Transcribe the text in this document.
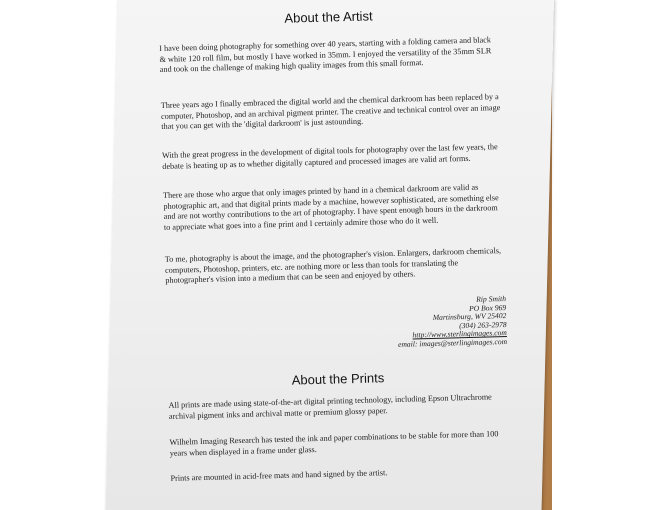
About the Artist

I have been doing photography for something over 40 years, starting with a folding camera and black & white 120 roll film, but mostly I have worked in 35mm. I enjoyed the versatility of the 35mm SLR and took on the challenge of making high quality images from this small format.

Three years ago I finally embraced the digital world and the chemical darkroom has been replaced by a computer, Photoshop, and an archival pigment printer. The creative and technical control over an image that you can get with the 'digital darkroom' is just astounding.

With the great progress in the development of digital tools for photography over the last few years, the debate is heating up as to whether digitally captured and processed images are valid art forms.

There are those who argue that only images printed by hand in a chemical darkroom are valid as photographic art, and that digital prints made by a machine, however sophisticated, are something else and are not worthy contributions to the art of photography. I have spent enough hours in the darkroom to appreciate what goes into a fine print and I certainly admire those who do it well.

To me, photography is about the image, and the photographer's vision. Enlargers, darkroom chemicals, computers, Photoshop, printers, etc. are nothing more or less than tools for translating the photographer's vision into a medium that can be seen and enjoyed by others.

Rip Smith
PO Box 969
Martinsburg, WV 25402
(304) 263-2978
http://www.sterlingimages.com
email: images@sterlingimages.com
About the Prints

All prints are made using state-of-the-art digital printing technology, including Epson Ultrachrome archival pigment inks and archival matte or premium glossy paper.

Wilhelm Imaging Research has tested the ink and paper combinations to be stable for more than 100 years when displayed in a frame under glass.

Prints are mounted in acid-free mats and hand signed by the artist.
